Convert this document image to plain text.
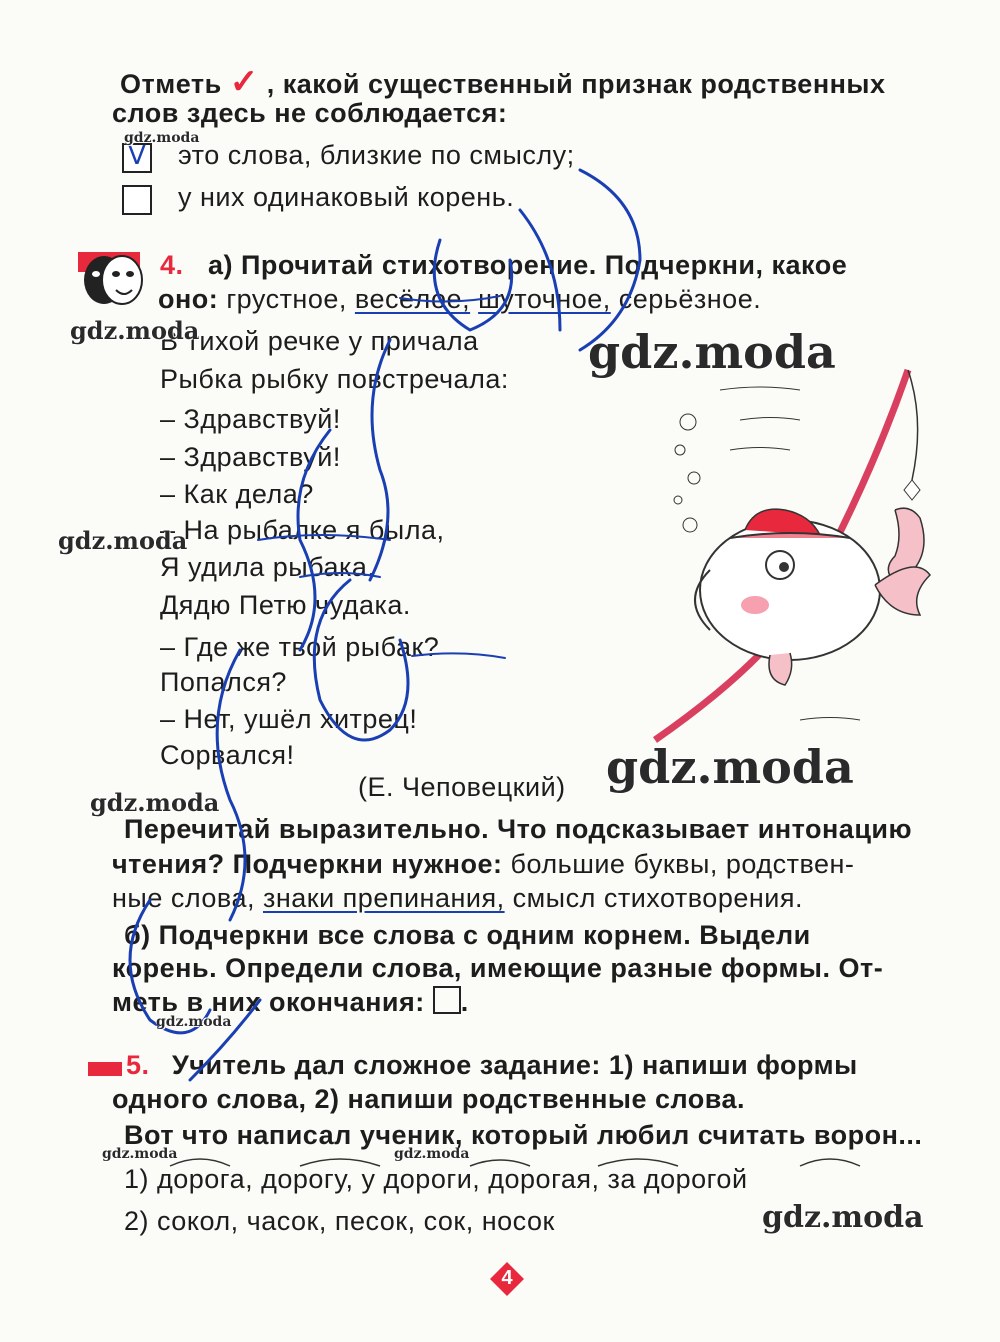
Отметь ✓ , какой существенный признак родственных
слов здесь не соблюдается:
V это слова, близкие по смыслу;
у них одинаковый корень.
4. а) Прочитай стихотворение. Подчеркни, какое
оно: грустное, весёлое, шуточное, серьёзное.
В тихой речке у причала
Рыбка рыбку повстречала:
– Здравствуй!
– Здравствуй!
– Как дела?
– На рыбалке я была,
Я удила рыбака,
Дядю Петю чудака.
– Где же твой рыбак?
Попался?
– Нет, ушёл хитрец!
Сорвался!
(Е. Чеповецкий)
Перечитай выразительно. Что подсказывает интонацию
чтения? Подчеркни нужное: большие буквы, родствен-
ные слова, знаки препинания, смысл стихотворения.
б) Подчеркни все слова с одним корнем. Выдели
корень. Определи слова, имеющие разные формы. От-
меть в них окончания: .
5. Учитель дал сложное задание: 1) напиши формы
одного слова, 2) напиши родственные слова.
Вот что написал ученик, который любил считать ворон...
1) дорога, дорогу, у дороги, дорогая, за дорогой
2) сокол, часок, песок, сок, носок
4
gdz.moda
gdz.moda
gdz.moda
gdz.moda
gdz.moda
gdz.moda
gdz.moda
gdz.moda
gdz.moda	gdz.moda
